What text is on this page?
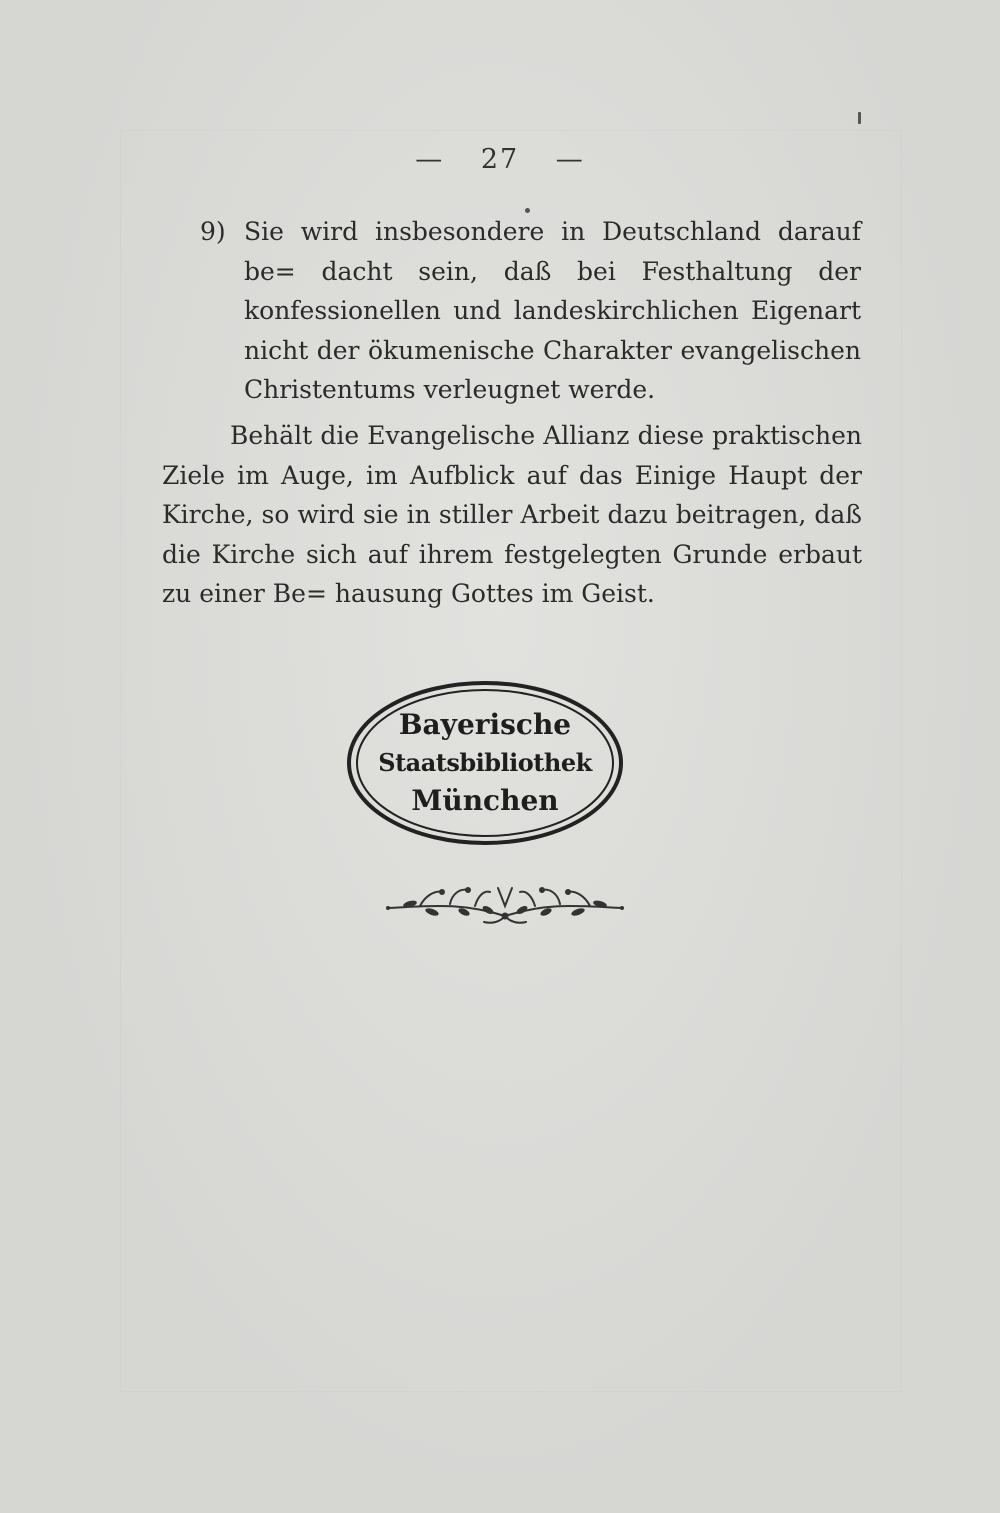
— 27 —
9) Sie wird insbesondere in Deutschland darauf be= dacht sein, daß bei Festhaltung der konfessionellen und landeskirchlichen Eigenart nicht der ökumenische Charakter evangelischen Christentums verleugnet werde.
Behält die Evangelische Allianz diese praktischen Ziele im Auge, im Aufblick auf das Einige Haupt der Kirche, so wird sie in stiller Arbeit dazu beitragen, daß die Kirche sich auf ihrem festgelegten Grunde erbaut zu einer Be= hausung Gottes im Geist.
Bayerische
Staatsbibliothek
München
